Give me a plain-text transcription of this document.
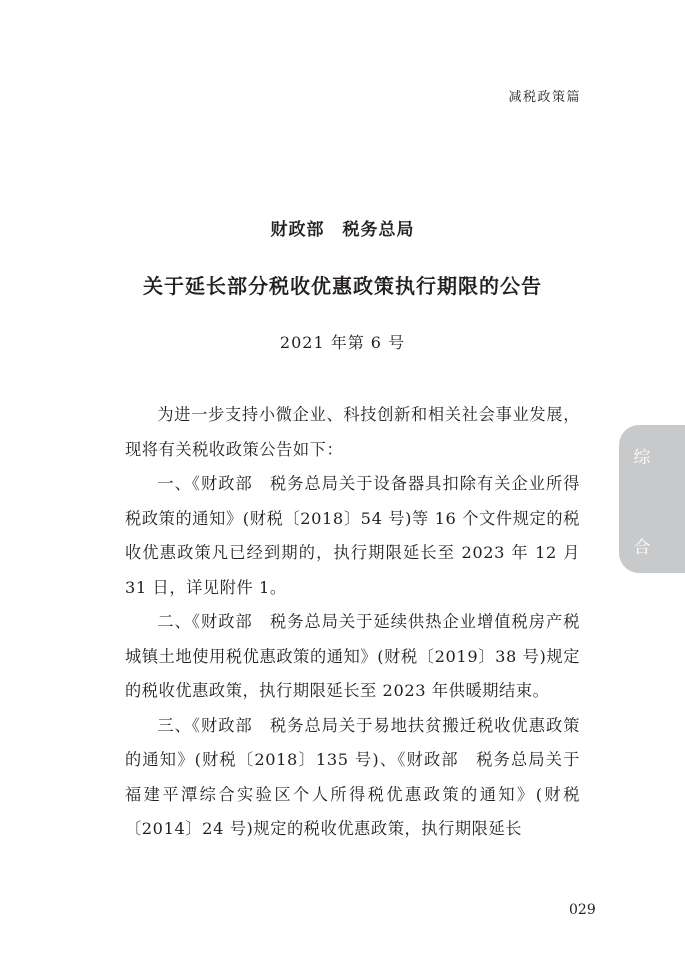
减税政策篇
财政部　税务总局
关于延长部分税收优惠政策执行期限的公告
2021 年第 6 号

为进一步支持小微企业、科技创新和相关社会事业发展，现将有关税收政策公告如下：

一、《财政部　税务总局关于设备器具扣除有关企业所得税政策的通知》(财税〔2018〕54 号)等 16 个文件规定的税收优惠政策凡已经到期的，执行期限延长至 2023 年 12 月 31 日，详见附件 1。

二、《财政部　税务总局关于延续供热企业增值税房产税城镇土地使用税优惠政策的通知》(财税〔2019〕38 号)规定的税收优惠政策，执行期限延长至 2023 年供暖期结束。

三、《财政部　税务总局关于易地扶贫搬迁税收优惠政策的通知》(财税〔2018〕135 号)、《财政部　税务总局关于福建平潭综合实验区个人所得税优惠政策的通知》(财税〔2014〕24 号)规定的税收优惠政策，执行期限延长

综
合
029
